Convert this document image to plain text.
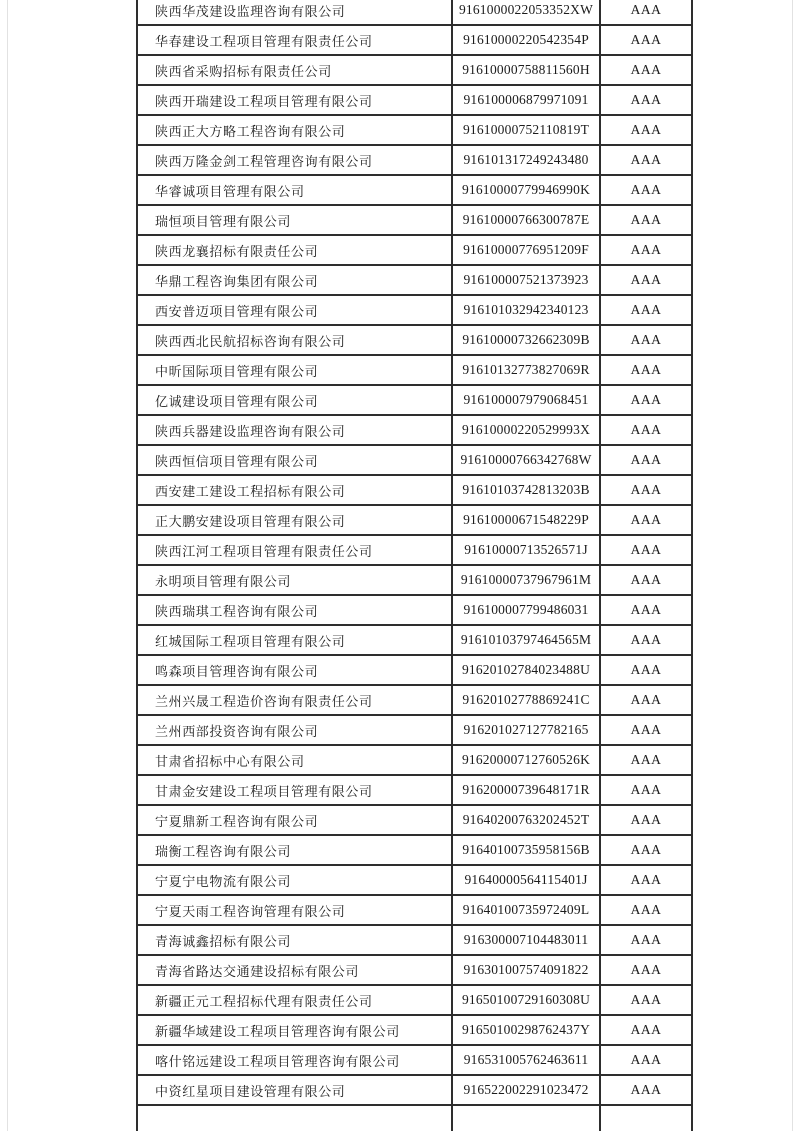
陕西华茂建设监理咨询有限公司	9161000022053352XW	AAA
华春建设工程项目管理有限责任公司	91610000220542354P	AAA
陕西省采购招标有限责任公司	91610000758811560H	AAA
陕西开瑞建设工程项目管理有限公司	916100006879971091	AAA
陕西正大方略工程咨询有限公司	91610000752110819T	AAA
陕西万隆金剑工程管理咨询有限公司	916101317249243480	AAA
华睿诚项目管理有限公司	91610000779946990K	AAA
瑞恒项目管理有限公司	91610000766300787E	AAA
陕西龙襄招标有限责任公司	91610000776951209F	AAA
华鼎工程咨询集团有限公司	916100007521373923	AAA
西安普迈项目管理有限公司	916101032942340123	AAA
陕西西北民航招标咨询有限公司	91610000732662309B	AAA
中昕国际项目管理有限公司	91610132773827069R	AAA
亿诚建设项目管理有限公司	916100007979068451	AAA
陕西兵器建设监理咨询有限公司	91610000220529993X	AAA
陕西恒信项目管理有限公司	91610000766342768W	AAA
西安建工建设工程招标有限公司	91610103742813203B	AAA
正大鹏安建设项目管理有限公司	91610000671548229P	AAA
陕西江河工程项目管理有限责任公司	91610000713526571J	AAA
永明项目管理有限公司	91610000737967961M	AAA
陕西瑞琪工程咨询有限公司	916100007799486031	AAA
红城国际工程项目管理有限公司	91610103797464565M	AAA
鸣森项目管理咨询有限公司	91620102784023488U	AAA
兰州兴晟工程造价咨询有限责任公司	91620102778869241C	AAA
兰州西部投资咨询有限公司	916201027127782165	AAA
甘肃省招标中心有限公司	91620000712760526K	AAA
甘肃金安建设工程项目管理有限公司	91620000739648171R	AAA
宁夏鼎新工程咨询有限公司	91640200763202452T	AAA
瑞衡工程咨询有限公司	91640100735958156B	AAA
宁夏宁电物流有限公司	91640000564115401J	AAA
宁夏天雨工程咨询管理有限公司	91640100735972409L	AAA
青海诚鑫招标有限公司	916300007104483011	AAA
青海省路达交通建设招标有限公司	916301007574091822	AAA
新疆正元工程招标代理有限责任公司	91650100729160308U	AAA
新疆华域建设工程项目管理咨询有限公司	91650100298762437Y	AAA
喀什铭远建设工程项目管理咨询有限公司	916531005762463611	AAA
中资红星项目建设管理有限公司	916522002291023472	AAA
